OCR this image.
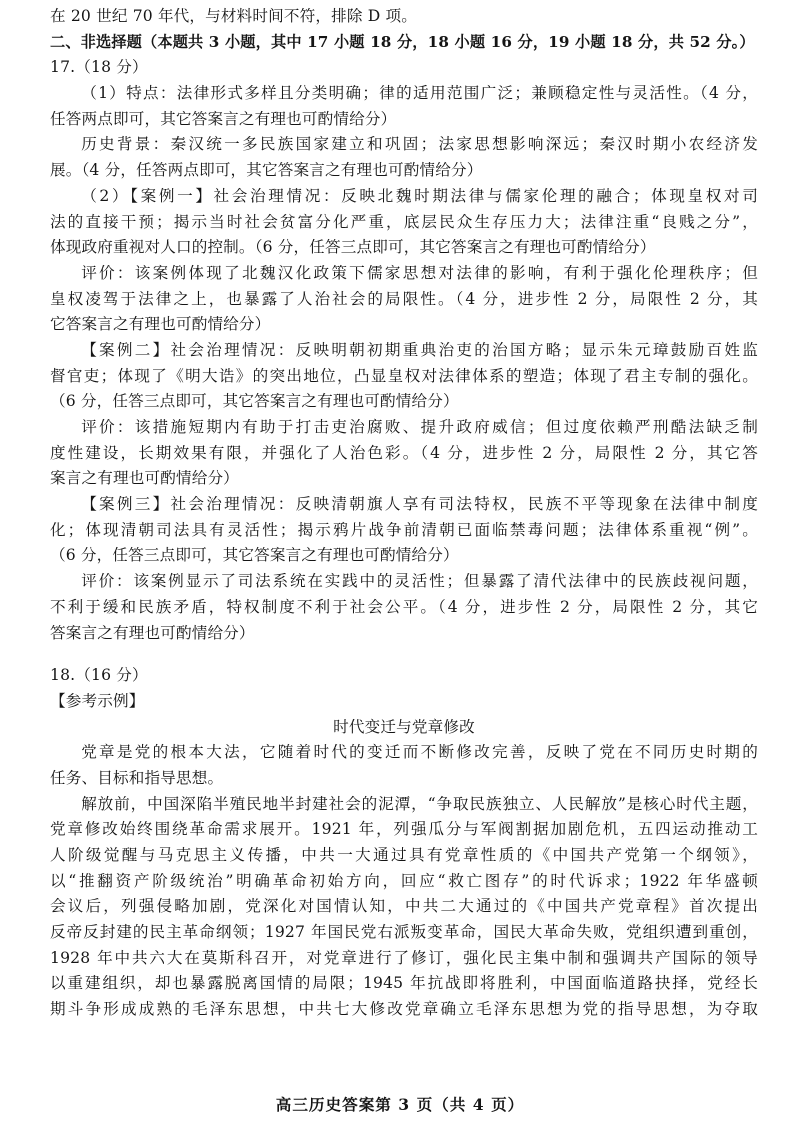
在 20 世纪 70 年代，与材料时间不符，排除 D 项。
二、非选择题（本题共 3 小题，其中 17 小题 18 分，18 小题 16 分，19 小题 18 分，共 52 分。）
17.（18 分）
（1）特点：法律形式多样且分类明确；律的适用范围广泛；兼顾稳定性与灵活性。（4 分，
任答两点即可，其它答案言之有理也可酌情给分）
历史背景：秦汉统一多民族国家建立和巩固；法家思想影响深远；秦汉时期小农经济发
展。（4 分，任答两点即可，其它答案言之有理也可酌情给分）
（2）【案例一】社会治理情况：反映北魏时期法律与儒家伦理的融合；体现皇权对司
法的直接干预；揭示当时社会贫富分化严重，底层民众生存压力大；法律注重“良贱之分”，
体现政府重视对人口的控制。（6 分，任答三点即可，其它答案言之有理也可酌情给分）
评价：该案例体现了北魏汉化政策下儒家思想对法律的影响，有利于强化伦理秩序；但
皇权凌驾于法律之上，也暴露了人治社会的局限性。（4 分，进步性 2 分，局限性 2 分，其
它答案言之有理也可酌情给分）
【案例二】社会治理情况：反映明朝初期重典治吏的治国方略；显示朱元璋鼓励百姓监
督官吏；体现了《明大诰》的突出地位，凸显皇权对法律体系的塑造；体现了君主专制的强化。
（6 分，任答三点即可，其它答案言之有理也可酌情给分）
评价：该措施短期内有助于打击吏治腐败、提升政府威信；但过度依赖严刑酷法缺乏制
度性建设，长期效果有限，并强化了人治色彩。（4 分，进步性 2 分，局限性 2 分，其它答
案言之有理也可酌情给分）
【案例三】社会治理情况：反映清朝旗人享有司法特权，民族不平等现象在法律中制度
化；体现清朝司法具有灵活性；揭示鸦片战争前清朝已面临禁毒问题；法律体系重视“例”。
（6 分，任答三点即可，其它答案言之有理也可酌情给分）
评价：该案例显示了司法系统在实践中的灵活性；但暴露了清代法律中的民族歧视问题，
不利于缓和民族矛盾，特权制度不利于社会公平。（4 分，进步性 2 分，局限性 2 分，其它
答案言之有理也可酌情给分）
18.（16 分）
【参考示例】
时代变迁与党章修改
党章是党的根本大法，它随着时代的变迁而不断修改完善，反映了党在不同历史时期的
任务、目标和指导思想。
解放前，中国深陷半殖民地半封建社会的泥潭，“争取民族独立、人民解放”是核心时代主题，
党章修改始终围绕革命需求展开。1921 年，列强瓜分与军阀割据加剧危机，五四运动推动工
人阶级觉醒与马克思主义传播，中共一大通过具有党章性质的《中国共产党第一个纲领》，
以“推翻资产阶级统治”明确革命初始方向，回应“救亡图存”的时代诉求；1922 年华盛顿
会议后，列强侵略加剧，党深化对国情认知，中共二大通过的《中国共产党章程》首次提出
反帝反封建的民主革命纲领；1927 年国民党右派叛变革命，国民大革命失败，党组织遭到重创，
1928 年中共六大在莫斯科召开，对党章进行了修订，强化民主集中制和强调共产国际的领导
以重建组织，却也暴露脱离国情的局限；1945 年抗战即将胜利，中国面临道路抉择，党经长
期斗争形成成熟的毛泽东思想，中共七大修改党章确立毛泽东思想为党的指导思想，为夺取
高三历史答案第 3 页（共 4 页）
